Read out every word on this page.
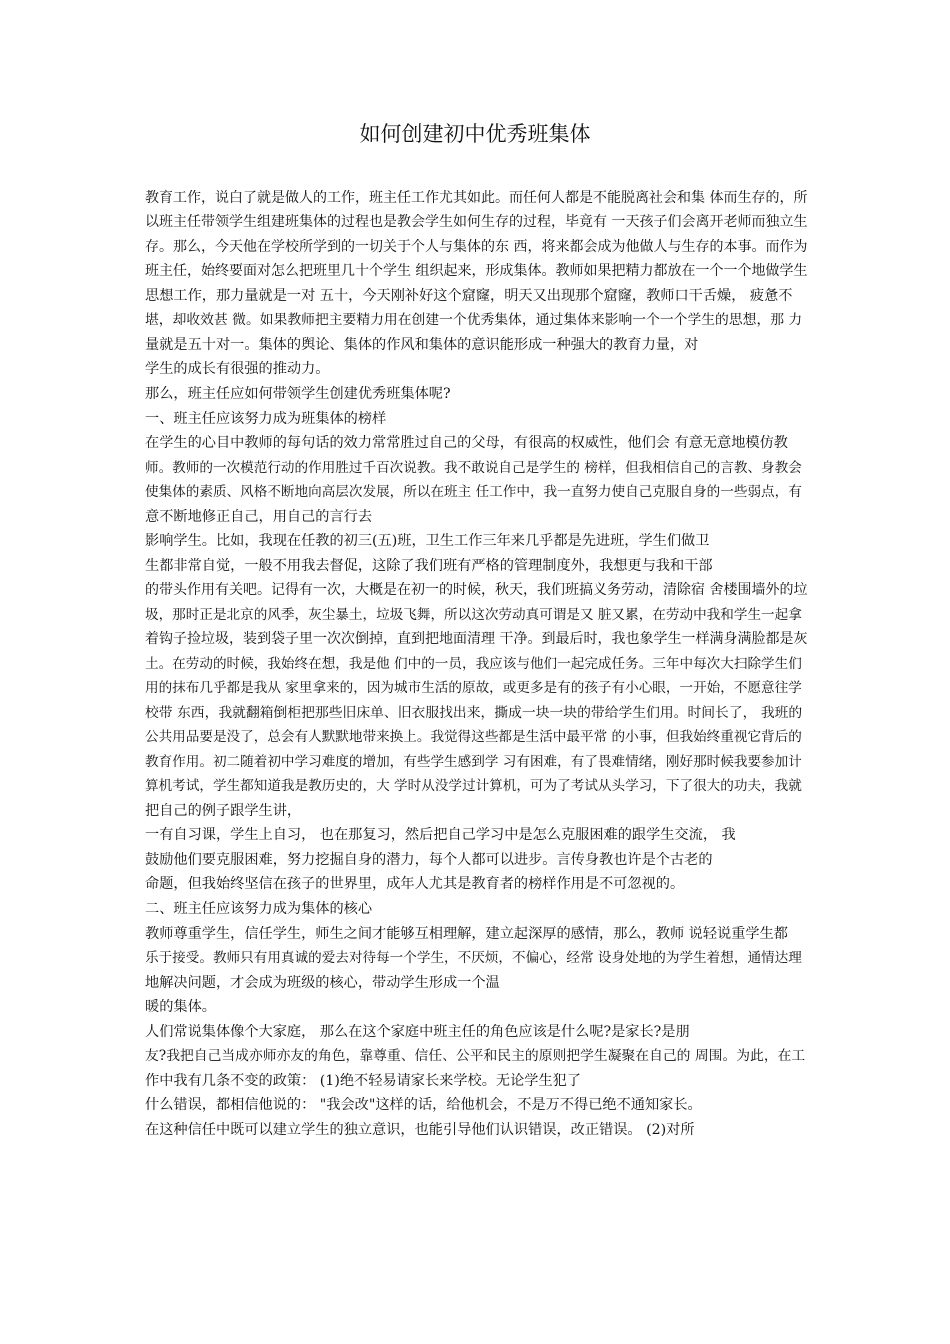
如何创建初中优秀班集体
教育工作，说白了就是做人的工作，班主任工作尤其如此。而任何人都是不能脱离社会和集 体而生存的，所
以班主任带领学生组建班集体的过程也是教会学生如何生存的过程，毕竟有 一天孩子们会离开老师而独立生
存。那么，今天他在学校所学到的一切关于个人与集体的东 西，将来都会成为他做人与生存的本事。而作为
班主任，始终要面对怎么把班里几十个学生 组织起来，形成集体。教师如果把精力都放在一个一个地做学生
思想工作，那力量就是一对 五十，今天刚补好这个窟窿，明天又出现那个窟窿，教师口干舌燥， 疲惫不
堪，却收效甚 微。如果教师把主要精力用在创建一个优秀集体，通过集体来影响一个一个学生的思想，那 力
量就是五十对一。集体的舆论、集体的作风和集体的意识能形成一种强大的教育力量，对
学生的成长有很强的推动力。
那么，班主任应如何带领学生创建优秀班集体呢?
一、班主任应该努力成为班集体的榜样
在学生的心目中教师的每句话的效力常常胜过自己的父母，有很高的权威性，他们会 有意无意地模仿教
师。教师的一次模范行动的作用胜过千百次说教。我不敢说自己是学生的 榜样，但我相信自己的言教、身教会
使集体的素质、风格不断地向高层次发展，所以在班主 任工作中，我一直努力使自己克服自身的一些弱点，有
意不断地修正自己，用自己的言行去
影响学生。比如，我现在任教的初三(五)班，卫生工作三年来几乎都是先进班，学生们做卫
生都非常自觉，一般不用我去督促，这除了我们班有严格的管理制度外，我想更与我和干部
的带头作用有关吧。记得有一次，大概是在初一的时候，秋天，我们班搞义务劳动，清除宿 舍楼围墙外的垃
圾，那时正是北京的风季，灰尘暴土，垃圾飞舞，所以这次劳动真可谓是又 脏又累，在劳动中我和学生一起拿
着钩子捡垃圾，装到袋子里一次次倒掉，直到把地面清理 干净。到最后时，我也象学生一样满身满脸都是灰
土。在劳动的时候，我始终在想，我是他 们中的一员，我应该与他们一起完成任务。三年中每次大扫除学生们
用的抹布几乎都是我从 家里拿来的，因为城市生活的原故，或更多是有的孩子有小心眼，一开始，不愿意往学
校带 东西，我就翻箱倒柜把那些旧床单、旧衣服找出来，撕成一块一块的带给学生们用。时间长了， 我班的
公共用品要是没了，总会有人默默地带来换上。我觉得这些都是生活中最平常 的小事，但我始终重视它背后的
教育作用。初二随着初中学习难度的增加，有些学生感到学 习有困难，有了畏难情绪，刚好那时候我要参加计
算机考试，学生都知道我是教历史的，大 学时从没学过计算机，可为了考试从头学习，下了很大的功夫，我就
把自己的例子跟学生讲，
一有自习课，学生上自习， 也在那复习，然后把自己学习中是怎么克服困难的跟学生交流， 我
鼓励他们要克服困难，努力挖掘自身的潜力，每个人都可以进步。言传身教也许是个古老的
命题，但我始终坚信在孩子的世界里，成年人尤其是教育者的榜样作用是不可忽视的。
二、班主任应该努力成为集体的核心
教师尊重学生，信任学生，师生之间才能够互相理解，建立起深厚的感情，那么，教师 说轻说重学生都
乐于接受。教师只有用真诚的爱去对待每一个学生，不厌烦，不偏心，经常 设身处地的为学生着想，通情达理
地解决问题，才会成为班级的核心，带动学生形成一个温
暖的集体。
人们常说集体像个大家庭， 那么在这个家庭中班主任的角色应该是什么呢?是家长?是朋
友?我把自己当成亦师亦友的角色，靠尊重、信任、公平和民主的原则把学生凝聚在自己的 周围。为此，在工
作中我有几条不变的政策： (1)绝不轻易请家长来学校。无论学生犯了
什么错误，都相信他说的： "我会改"这样的话，给他机会，不是万不得已绝不通知家长。
在这种信任中既可以建立学生的独立意识，也能引导他们认识错误，改正错误。 (2)对所
